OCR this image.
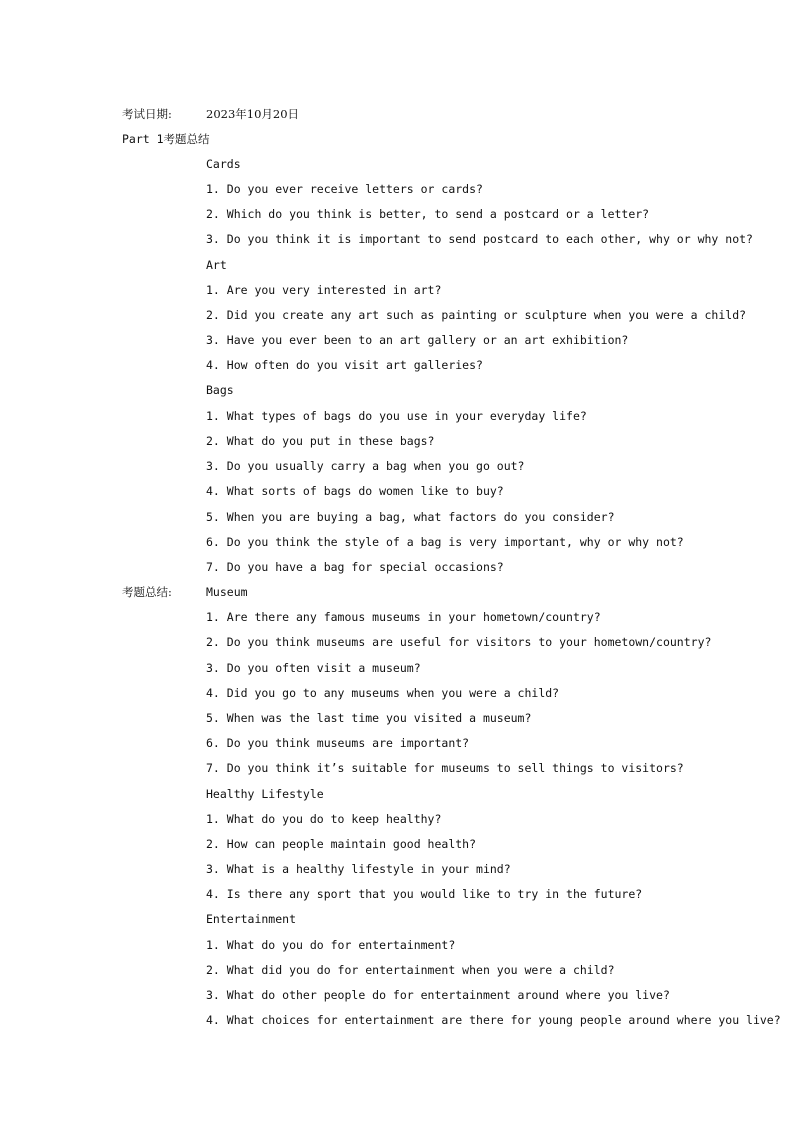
考试日期:	2023年10月20日
Part 1考题总结
Cards
1. Do you ever receive letters or cards?
2. Which do you think is better, to send a postcard or a letter?
3. Do you think it is important to send postcard to each other, why or why not?
Art
1. Are you very interested in art?
2. Did you create any art such as painting or sculpture when you were a child?
3. Have you ever been to an art gallery or an art exhibition?
4. How often do you visit art galleries?
Bags
1. What types of bags do you use in your everyday life?
2. What do you put in these bags?
3. Do you usually carry a bag when you go out?
4. What sorts of bags do women like to buy?
5. When you are buying a bag, what factors do you consider?
6. Do you think the style of a bag is very important, why or why not?
7. Do you have a bag for special occasions?
考题总结:	Museum
1. Are there any famous museums in your hometown/country?
2. Do you think museums are useful for visitors to your hometown/country?
3. Do you often visit a museum?
4. Did you go to any museums when you were a child?
5. When was the last time you visited a museum?
6. Do you think museums are important?
7. Do you think it’s suitable for museums to sell things to visitors?
Healthy Lifestyle
1. What do you do to keep healthy?
2. How can people maintain good health?
3. What is a healthy lifestyle in your mind?
4. Is there any sport that you would like to try in the future?
Entertainment
1. What do you do for entertainment?
2. What did you do for entertainment when you were a child?
3. What do other people do for entertainment around where you live?
4. What choices for entertainment are there for young people around where you live?
